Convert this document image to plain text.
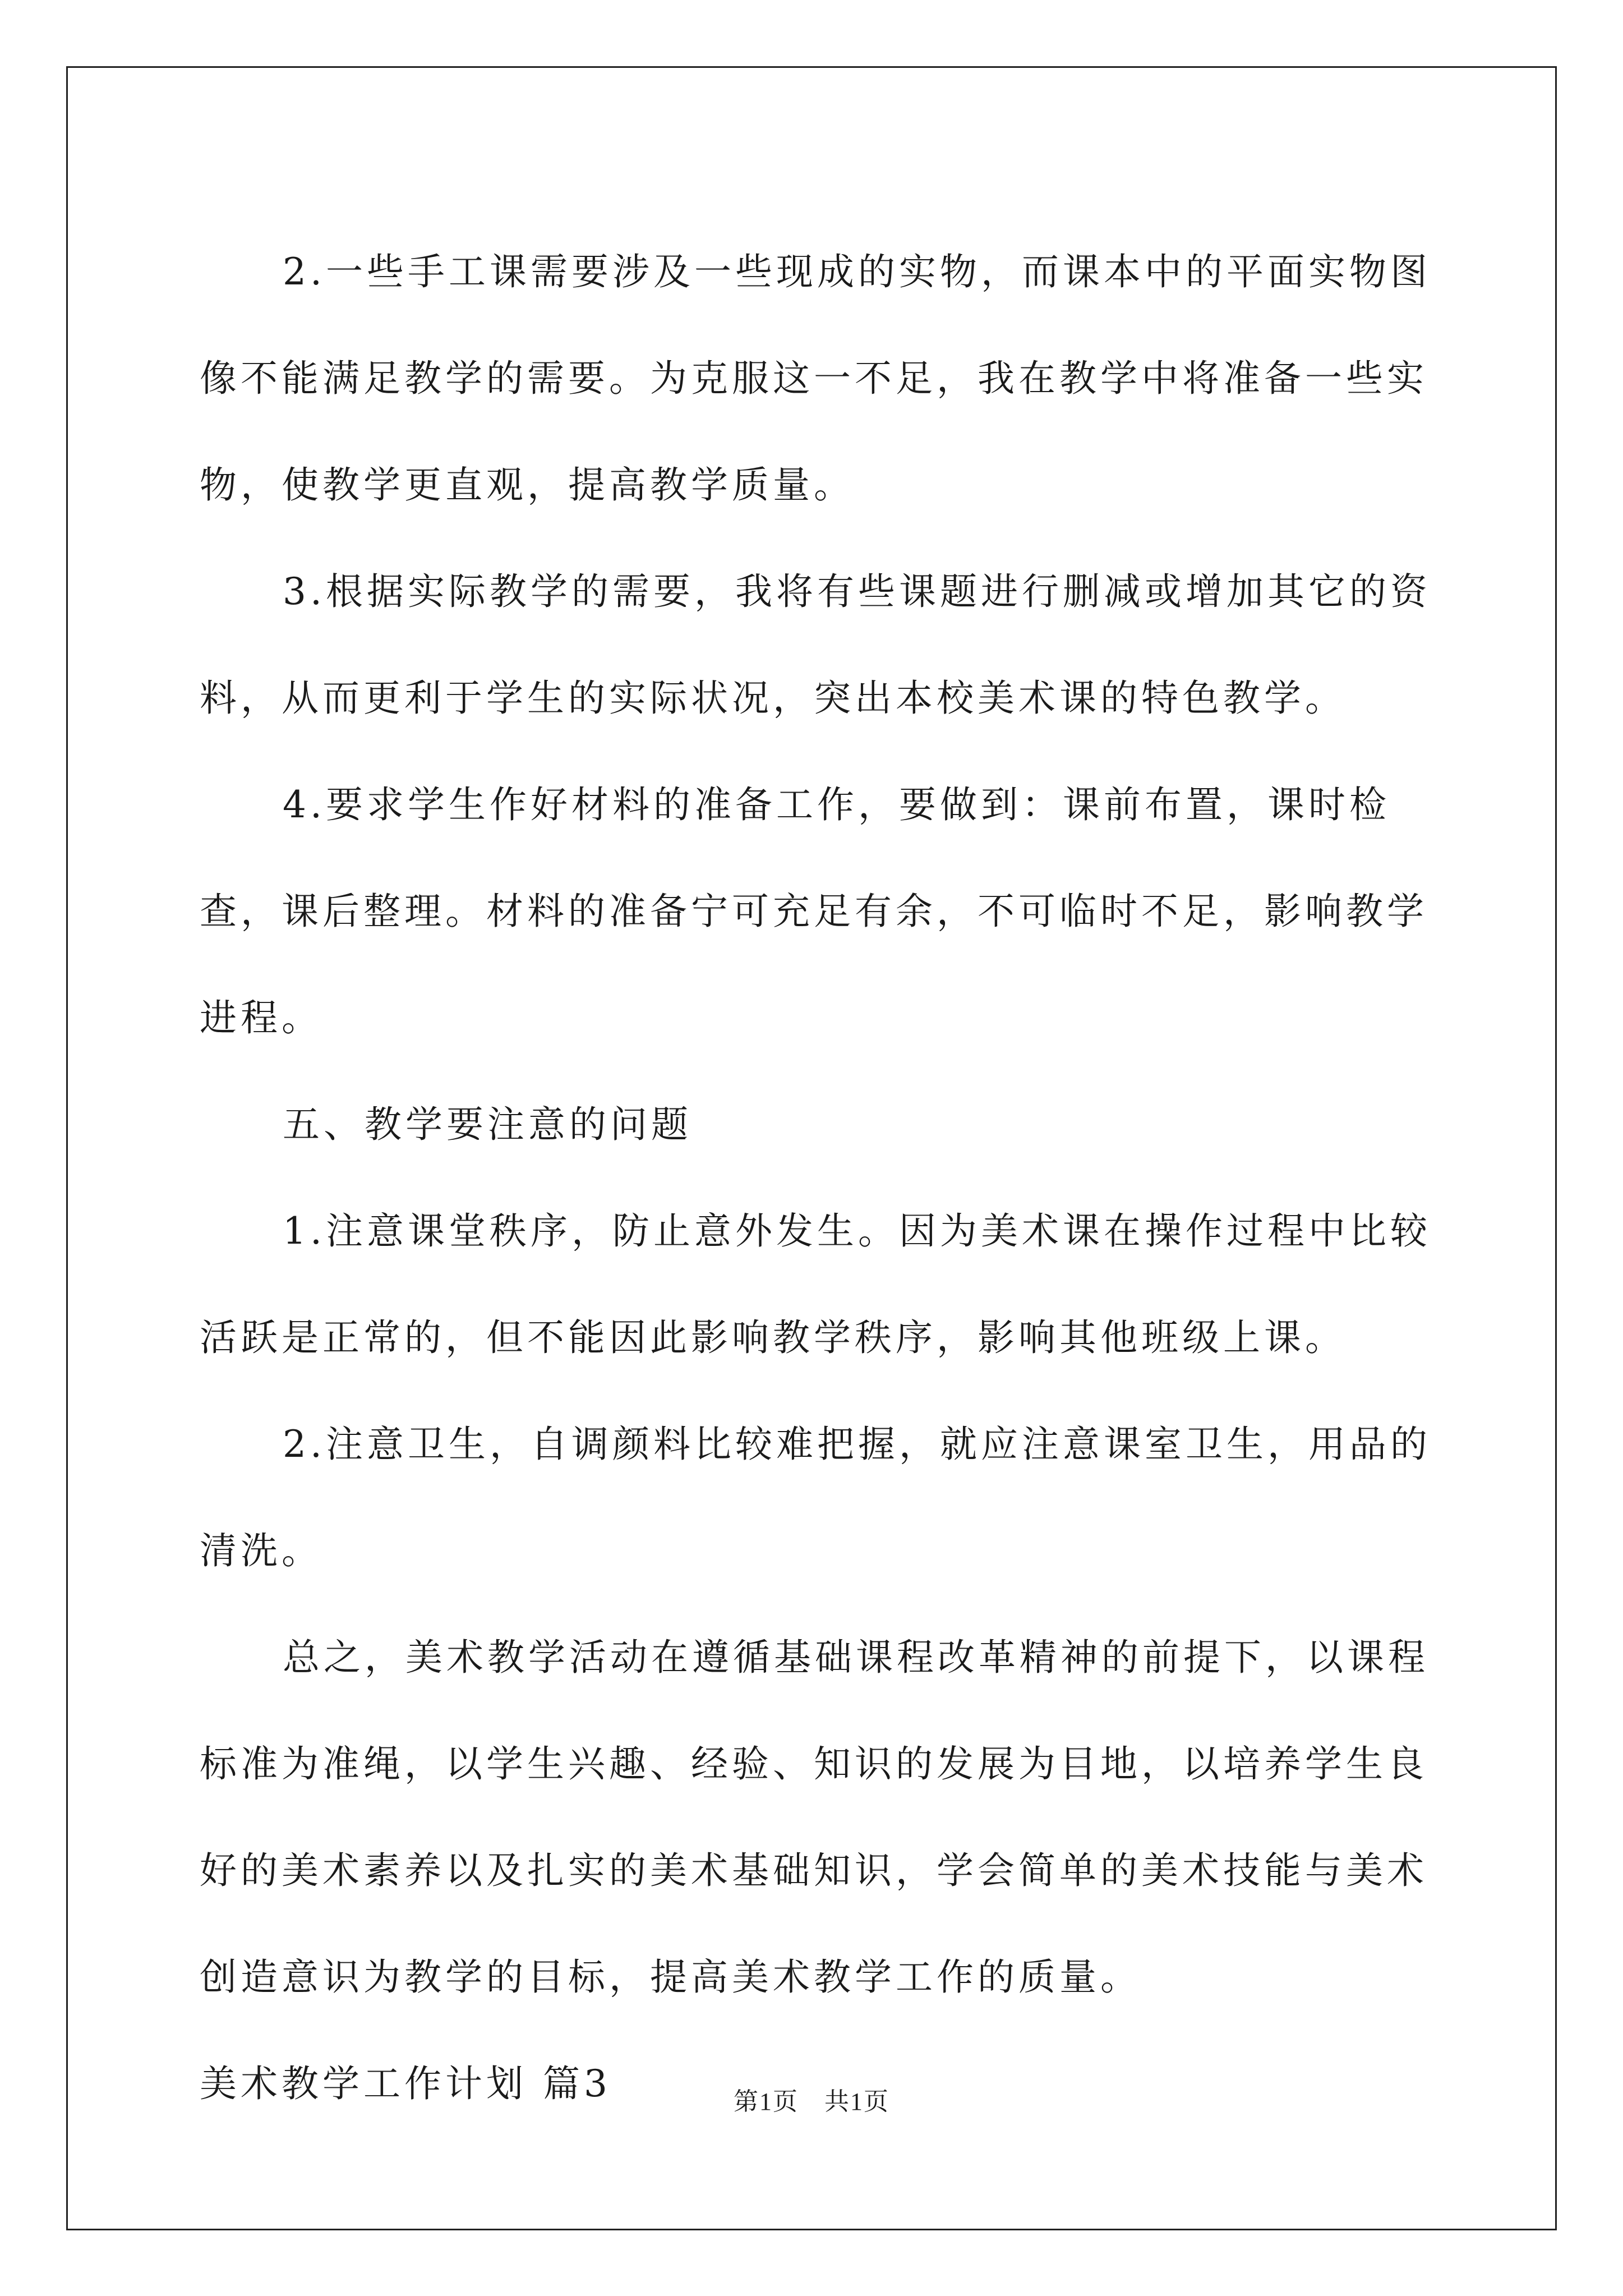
2.一些手工课需要涉及一些现成的实物，而课本中的平面实物图像不能满足教学的需要。为克服这一不足，我在教学中将准备一些实物，使教学更直观，提高教学质量。

3.根据实际教学的需要，我将有些课题进行删减或增加其它的资料，从而更利于学生的实际状况，突出本校美术课的特色教学。

4.要求学生作好材料的准备工作，要做到：课前布置，课时检查，课后整理。材料的准备宁可充足有余，不可临时不足，影响教学进程。

五、教学要注意的问题

1.注意课堂秩序，防止意外发生。因为美术课在操作过程中比较活跃是正常的，但不能因此影响教学秩序，影响其他班级上课。

2.注意卫生，自调颜料比较难把握，就应注意课室卫生，用品的清洗。

总之，美术教学活动在遵循基础课程改革精神的前提下，以课程标准为准绳，以学生兴趣、经验、知识的发展为目地，以培养学生良好的美术素养以及扎实的美术基础知识，学会简单的美术技能与美术创造意识为教学的目标，提高美术教学工作的质量。

美术教学工作计划 篇3	第1页　共1页
